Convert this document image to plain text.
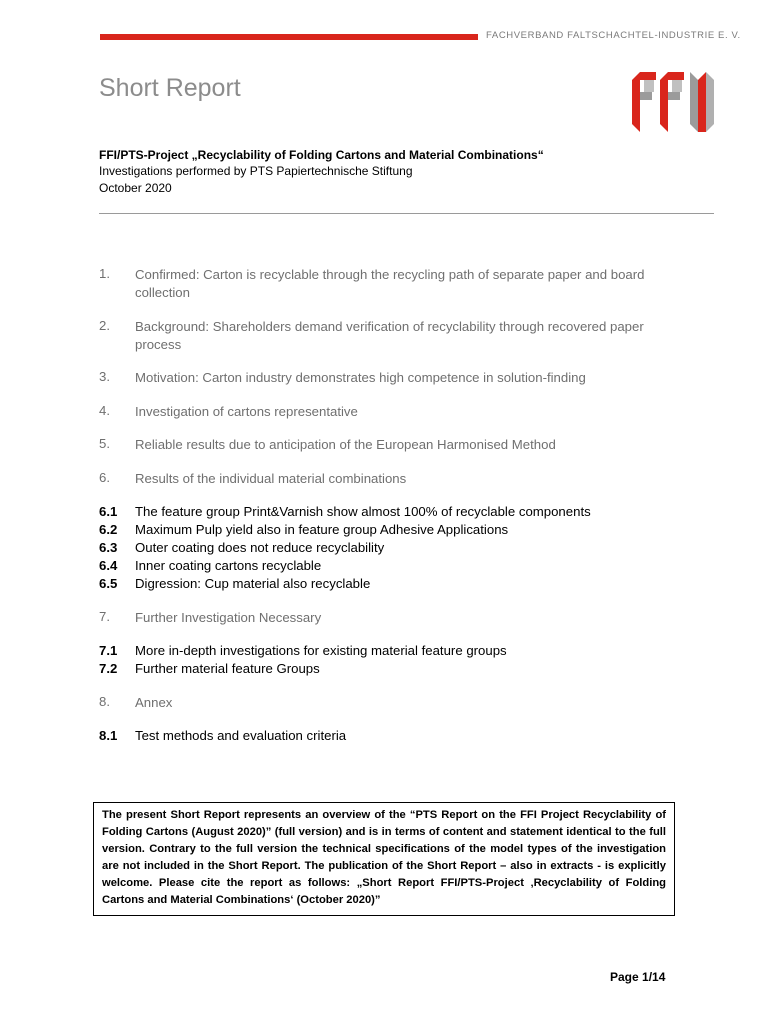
FACHVERBAND FALTSCHACHTEL-INDUSTRIE E. V.
Short Report
FFI/PTS-Project „Recyclability of Folding Cartons and Material Combinations“
Investigations performed by PTS Papiertechnische Stiftung
October 2020
1. Confirmed: Carton is recyclable through the recycling path of separate paper and board collection
2. Background: Shareholders demand verification of recyclability through recovered paper process
3. Motivation: Carton industry demonstrates high competence in solution-finding
4. Investigation of cartons representative
5. Reliable results due to anticipation of the European Harmonised Method
6. Results of the individual material combinations
6.1 The feature group Print&Varnish show almost 100% of recyclable components
6.2 Maximum Pulp yield also in feature group Adhesive Applications
6.3 Outer coating does not reduce recyclability
6.4 Inner coating cartons recyclable
6.5 Digression: Cup material also recyclable
7. Further Investigation Necessary
7.1 More in-depth investigations for existing material feature groups
7.2 Further material feature Groups
8. Annex
8.1 Test methods and evaluation criteria
The present Short Report represents an overview of the “PTS Report on the FFI Project Recyclability of Folding Cartons (August 2020)” (full version) and is in terms of content and statement identical to the full version. Contrary to the full version the technical specifications of the model types of the investigation are not included in the Short Report. The publication of the Short Report – also in extracts - is explicitly welcome. Please cite the report as follows: „Short Report FFI/PTS-Project ‚Recyclability of Folding Cartons and Material Combinations‘ (October 2020)”
Page 1/14
